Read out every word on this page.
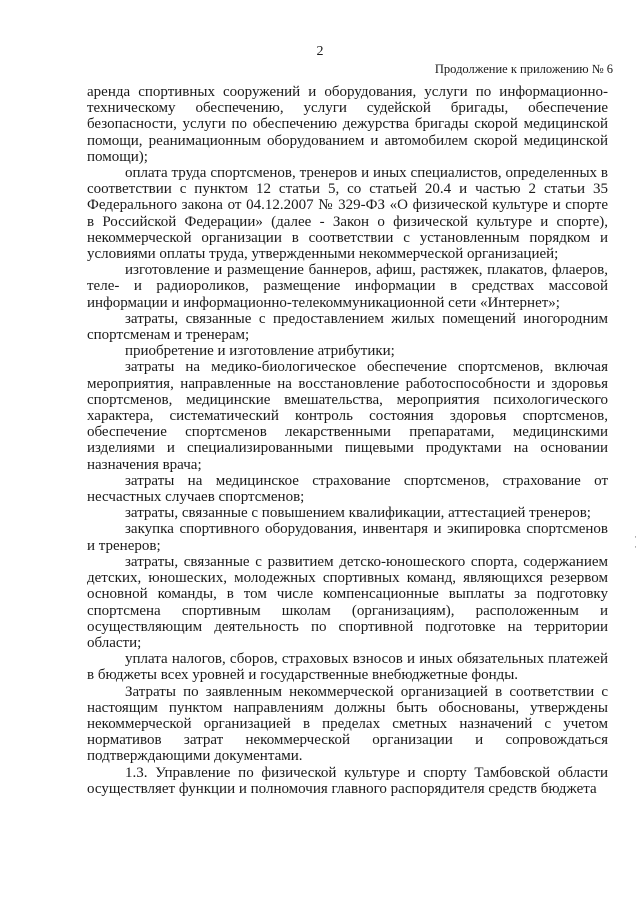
2
Продолжение к приложению № 6

аренда спортивных сооружений и оборудования, услуги по информационно-техническому обеспечению, услуги судейской бригады, обеспечение безопасности, услуги по обеспечению дежурства бригады скорой медицинской помощи, реанимационным оборудованием и автомобилем скорой медицинской помощи);

оплата труда спортсменов, тренеров и иных специалистов, определенных в соответствии с пунктом 12 статьи 5, со статьей 20.4 и частью 2 статьи 35 Федерального закона от 04.12.2007 № 329-ФЗ «О физической культуре и спорте в Российской Федерации» (далее - Закон о физической культуре и спорте), некоммерческой организации в соответствии с установленным порядком и условиями оплаты труда, утвержденными некоммерческой организацией;

изготовление и размещение баннеров, афиш, растяжек, плакатов, флаеров, теле- и радиороликов, размещение информации в средствах массовой информации и информационно-телекоммуникационной сети «Интернет»;

затраты, связанные с предоставлением жилых помещений иногородним спортсменам и тренерам;

приобретение и изготовление атрибутики;

затраты на медико-биологическое обеспечение спортсменов, включая мероприятия, направленные на восстановление работоспособности и здоровья спортсменов, медицинские вмешательства, мероприятия психологического характера, систематический контроль состояния здоровья спортсменов, обеспечение спортсменов лекарственными препаратами, медицинскими изделиями и специализированными пищевыми продуктами на основании назначения врача;

затраты на медицинское страхование спортсменов, страхование от несчастных случаев спортсменов;

затраты, связанные с повышением квалификации, аттестацией тренеров;

закупка спортивного оборудования, инвентаря и экипировка спортсменов и тренеров;

затраты, связанные с развитием детско-юношеского спорта, содержанием детских, юношеских, молодежных спортивных команд, являющихся резервом основной команды, в том числе компенсационные выплаты за подготовку спортсмена спортивным школам (организациям), расположенным и осуществляющим деятельность по спортивной подготовке на территории области;

уплата налогов, сборов, страховых взносов и иных обязательных платежей в бюджеты всех уровней и государственные внебюджетные фонды.

Затраты по заявленным некоммерческой организацией в соответствии с настоящим пунктом направлениям должны быть обоснованы, утверждены некоммерческой организацией в пределах сметных назначений с учетом нормативов затрат некоммерческой организации и сопровождаться подтверждающими документами.

1.3. Управление по физической культуре и спорту Тамбовской области осуществляет функции и полномочия главного распорядителя средств бюджета

·
·
